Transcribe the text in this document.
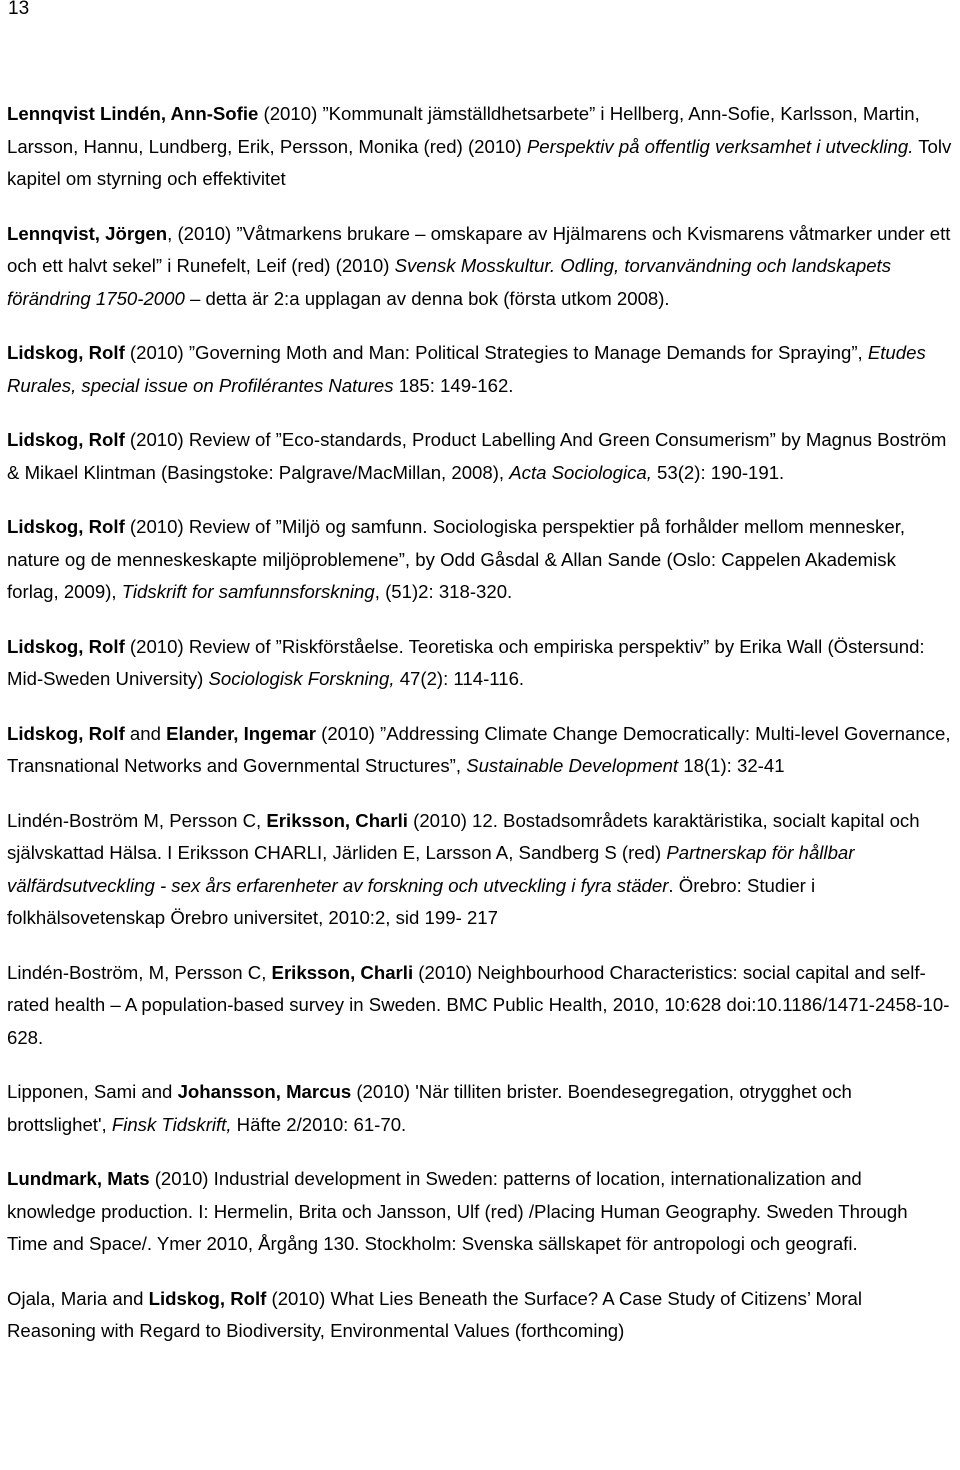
13

Lennqvist Lindén, Ann-Sofie (2010) ”Kommunalt jämställdhetsarbete” i Hellberg, Ann-Sofie, Karlsson, Martin, Larsson, Hannu, Lundberg, Erik, Persson, Monika (red) (2010) Perspektiv på offentlig verksamhet i utveckling. Tolv kapitel om styrning och effektivitet

Lennqvist, Jörgen, (2010) ”Våtmarkens brukare – omskapare av Hjälmarens och Kvismarens våtmarker under ett och ett halvt sekel” i Runefelt, Leif (red) (2010) Svensk Mosskultur. Odling, torvanvändning och landskapets förändring 1750-2000 – detta är 2:a upplagan av denna bok (första utkom 2008).

Lidskog, Rolf (2010) ”Governing Moth and Man: Political Strategies to Manage Demands for Spraying”, Etudes Rurales, special issue on Profilérantes Natures 185: 149-162.

Lidskog, Rolf (2010) Review of ”Eco-standards, Product Labelling And Green Consumerism” by Magnus Boström & Mikael Klintman (Basingstoke: Palgrave/MacMillan, 2008), Acta Sociologica, 53(2): 190-191.

Lidskog, Rolf (2010) Review of ”Miljö og samfunn. Sociologiska perspektier på forhålder mellom mennesker, nature og de menneskeskapte miljöproblemene”, by Odd Gåsdal & Allan Sande (Oslo: Cappelen Akademisk forlag, 2009), Tidskrift for samfunnsforskning, (51)2: 318-320.

Lidskog, Rolf (2010) Review of ”Riskförståelse. Teoretiska och empiriska perspektiv” by Erika Wall (Östersund: Mid-Sweden University) Sociologisk Forskning, 47(2): 114-116.

Lidskog, Rolf and Elander, Ingemar (2010) ”Addressing Climate Change Democratically: Multi-level Governance, Transnational Networks and Governmental Structures”, Sustainable Development 18(1): 32-41

Lindén-Boström M, Persson C, Eriksson, Charli (2010) 12. Bostadsområdets karaktäristika, socialt kapital och självskattad Hälsa. I Eriksson CHARLI, Järliden E, Larsson A, Sandberg S (red) Partnerskap för hållbar välfärdsutveckling - sex års erfarenheter av forskning och utveckling i fyra städer. Örebro: Studier i folkhälsovetenskap Örebro universitet, 2010:2, sid 199- 217

Lindén-Boström, M, Persson C, Eriksson, Charli (2010) Neighbourhood Characteristics: social capital and self-rated health – A population-based survey in Sweden. BMC Public Health, 2010, 10:628 doi:10.1186/1471-2458-10-628.

Lipponen, Sami and Johansson, Marcus (2010) 'När tilliten brister. Boendesegregation, otrygghet och brottslighet', Finsk Tidskrift, Häfte 2/2010: 61-70.

Lundmark, Mats (2010) Industrial development in Sweden: patterns of location, internationalization and knowledge production. I: Hermelin, Brita och Jansson, Ulf (red) /Placing Human Geography. Sweden Through Time and Space/. Ymer 2010, Årgång 130. Stockholm: Svenska sällskapet för antropologi och geografi.

Ojala, Maria and Lidskog, Rolf (2010) What Lies Beneath the Surface? A Case Study of Citizens’ Moral Reasoning with Regard to Biodiversity, Environmental Values (forthcoming)
